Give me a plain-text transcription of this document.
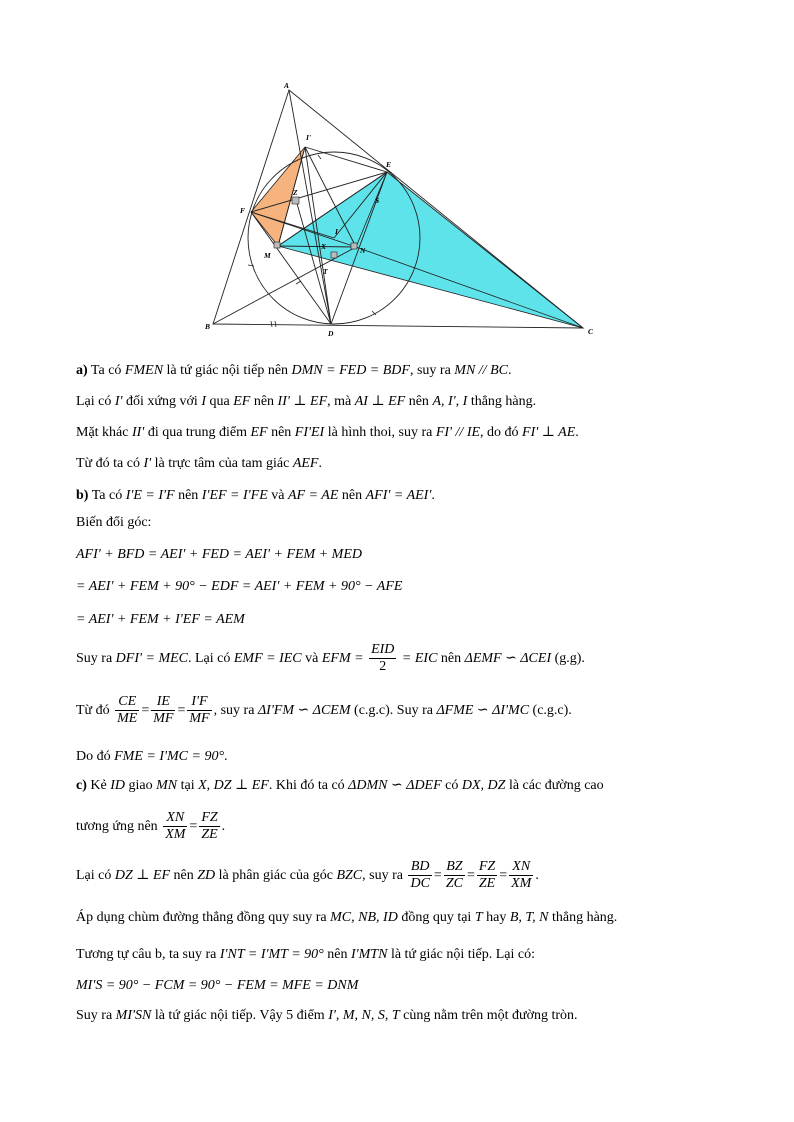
A
I'
E
F
Z
S
I
X	N
M
T
B
D	C
a) Ta có FMEN là tứ giác nội tiếp nên DMN = FED = BDF, suy ra MN // BC.
Lại có I' đối xứng với I qua EF nên II' ⊥ EF, mà AI ⊥ EF nên A, I', I thẳng hàng.
Mặt khác II' đi qua trung điểm EF nên FI'EI là hình thoi, suy ra FI' // IE, do đó FI' ⊥ AE.
Từ đó ta có I' là trực tâm của tam giác AEF.
b) Ta có I'E = I'F nên I'EF = I'FE và AF = AE nên AFI' = AEI'.
Biến đổi góc:
AFI' + BFD = AEI' + FED = AEI' + FEM + MED
= AEI' + FEM + 90° − EDF = AEI' + FEM + 90° − AFE
= AEI' + FEM + I'EF = AEM
Suy ra DFI' = MEC. Lại có EMF = IEC và EFM = $\frac{\text{EID}}{2}$ = EIC nên ΔEMF ∽ ΔCEI (g.g).
Từ đó $\frac{CE}{ME} = \frac{IE}{MF} = \frac{I'F}{MF}$ , suy ra ΔI'FM ∽ ΔCEM (c.g.c). Suy ra ΔFME ∽ ΔI'MC (c.g.c).
Do đó FME = I'MC = 90°.
c) Kẻ ID giao MN tại X, DZ ⊥ EF. Khi đó ta có ΔDMN ∽ ΔDEF có DX, DZ là các đường cao
tương ứng nên $\frac{XN}{XM} = \frac{FZ}{ZE}$ .
Lại có DZ ⊥ EF nên ZD là phân giác của góc BZC, suy ra $\frac{BD}{DC} = \frac{BZ}{ZC} = \frac{FZ}{ZE} = \frac{XN}{XM}$ .
Áp dụng chùm đường thẳng đồng quy suy ra MC, NB, ID đồng quy tại T hay B, T, N thẳng hàng.
Tương tự câu b, ta suy ra I'NT = I'MT = 90° nên I'MTN là tứ giác nội tiếp. Lại có:
MI'S = 90° − FCM = 90° − FEM = MFE = DNM
Suy ra MI'SN là tứ giác nội tiếp. Vậy 5 điểm I', M, N, S, T cùng nằm trên một đường tròn.
